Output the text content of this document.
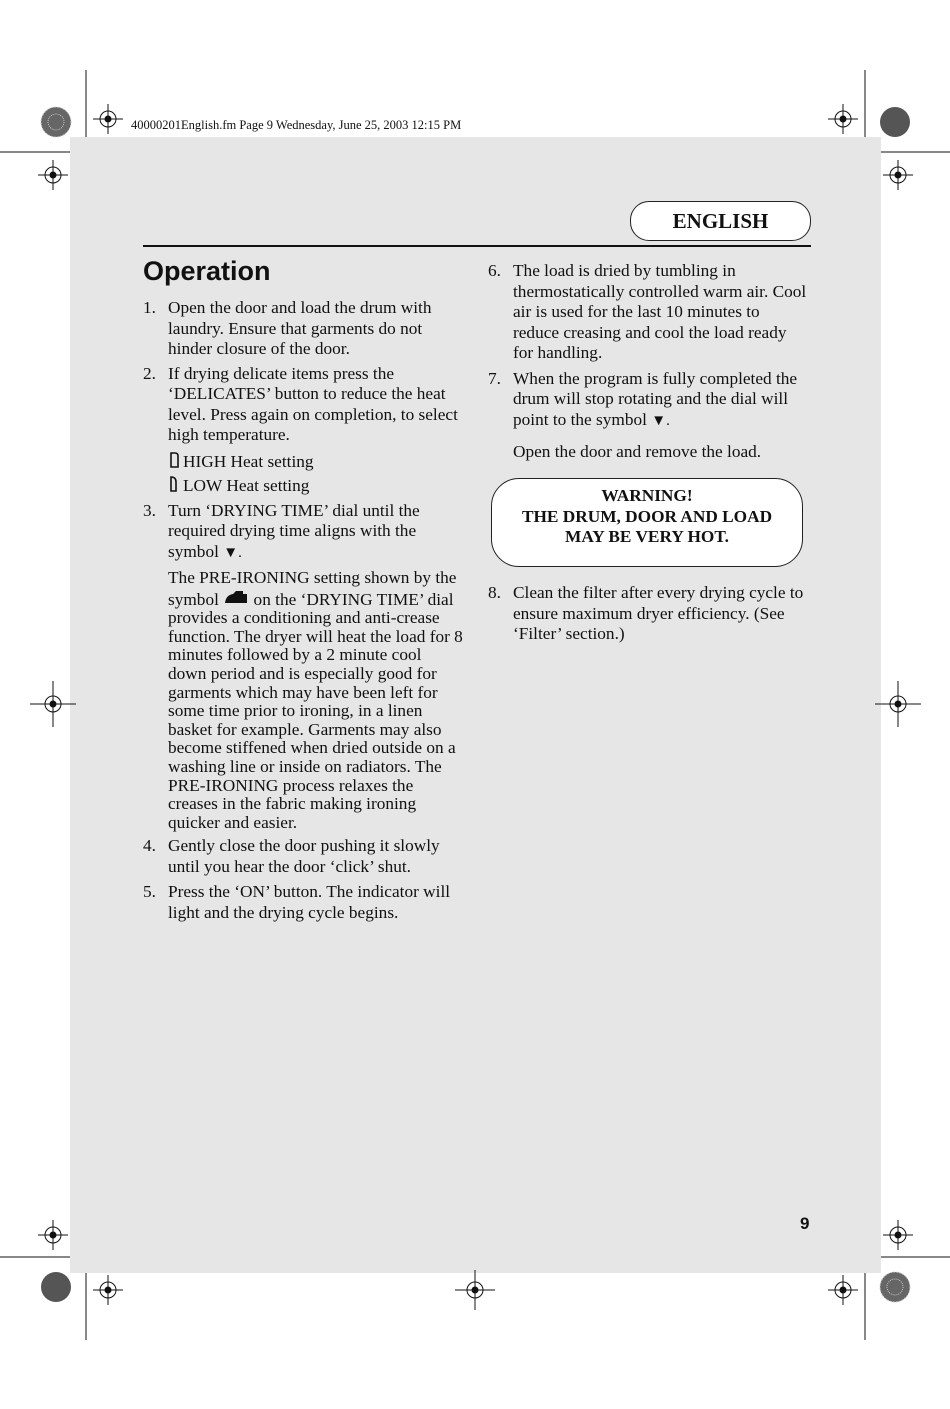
40000201English.fm Page 9 Wednesday, June 25, 2003 12:15 PM
ENGLISH
Operation
1. Open the door and load the drum with laundry. Ensure that garments do not hinder closure of the door.
2. If drying delicate items press the ‘DELICATES’ button to reduce the heat level. Press again on completion, to select high temperature.
HIGH Heat setting
LOW Heat setting
3. Turn ‘DRYING TIME’ dial until the required drying time aligns with the symbol ▼.
The PRE-IRONING setting shown by the symbol on the ‘DRYING TIME’ dial provides a conditioning and anti-crease function. The dryer will heat the load for 8 minutes followed by a 2 minute cool down period and is especially good for garments which may have been left for some time prior to ironing, in a linen basket for example. Garments may also become stiffened when dried outside on a washing line or inside on radiators. The PRE-IRONING process relaxes the creases in the fabric making ironing quicker and easier.
4. Gently close the door pushing it slowly until you hear the door ‘click’ shut.
5. Press the ‘ON’ button. The indicator will light and the drying cycle begins.
6. The load is dried by tumbling in thermostatically controlled warm air. Cool air is used for the last 10 minutes to reduce creasing and cool the load ready for handling.
7. When the program is fully completed the drum will stop rotating and the dial will point to the symbol ▼.
Open the door and remove the load.
WARNING!
THE DRUM, DOOR AND LOAD
MAY BE VERY HOT.
8. Clean the filter after every drying cycle to ensure maximum dryer efficiency. (See ‘Filter’ section.)
9
